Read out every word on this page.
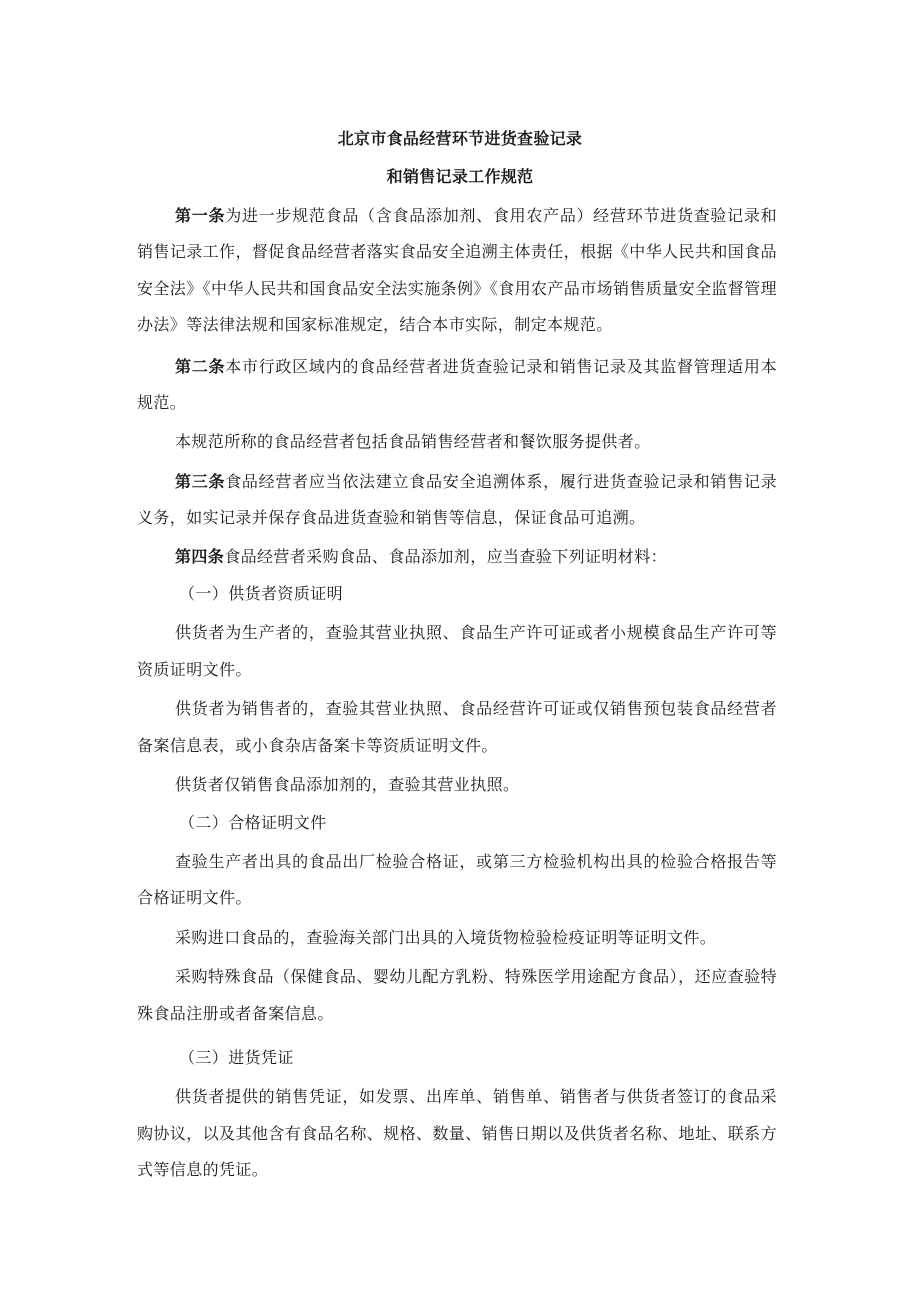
北京市食品经营环节进货查验记录
和销售记录工作规范

第一条为进一步规范食品（含食品添加剂、食用农产品）经营环节进货查验记录和销售记录工作，督促食品经营者落实食品安全追溯主体责任，根据《中华人民共和国食品安全法》《中华人民共和国食品安全法实施条例》《食用农产品市场销售质量安全监督管理办法》等法律法规和国家标准规定，结合本市实际，制定本规范。

第二条本市行政区域内的食品经营者进货查验记录和销售记录及其监督管理适用本规范。

本规范所称的食品经营者包括食品销售经营者和餐饮服务提供者。

第三条食品经营者应当依法建立食品安全追溯体系，履行进货查验记录和销售记录义务，如实记录并保存食品进货查验和销售等信息，保证食品可追溯。

第四条食品经营者采购食品、食品添加剂，应当查验下列证明材料：

（一）供货者资质证明

供货者为生产者的，查验其营业执照、食品生产许可证或者小规模食品生产许可等资质证明文件。

供货者为销售者的，查验其营业执照、食品经营许可证或仅销售预包装食品经营者备案信息表，或小食杂店备案卡等资质证明文件。

供货者仅销售食品添加剂的，查验其营业执照。

（二）合格证明文件

查验生产者出具的食品出厂检验合格证，或第三方检验机构出具的检验合格报告等合格证明文件。

采购进口食品的，查验海关部门出具的入境货物检验检疫证明等证明文件。

采购特殊食品（保健食品、婴幼儿配方乳粉、特殊医学用途配方食品），还应查验特殊食品注册或者备案信息。

（三）进货凭证

供货者提供的销售凭证，如发票、出库单、销售单、销售者与供货者签订的食品采购协议，以及其他含有食品名称、规格、数量、销售日期以及供货者名称、地址、联系方式等信息的凭证。
